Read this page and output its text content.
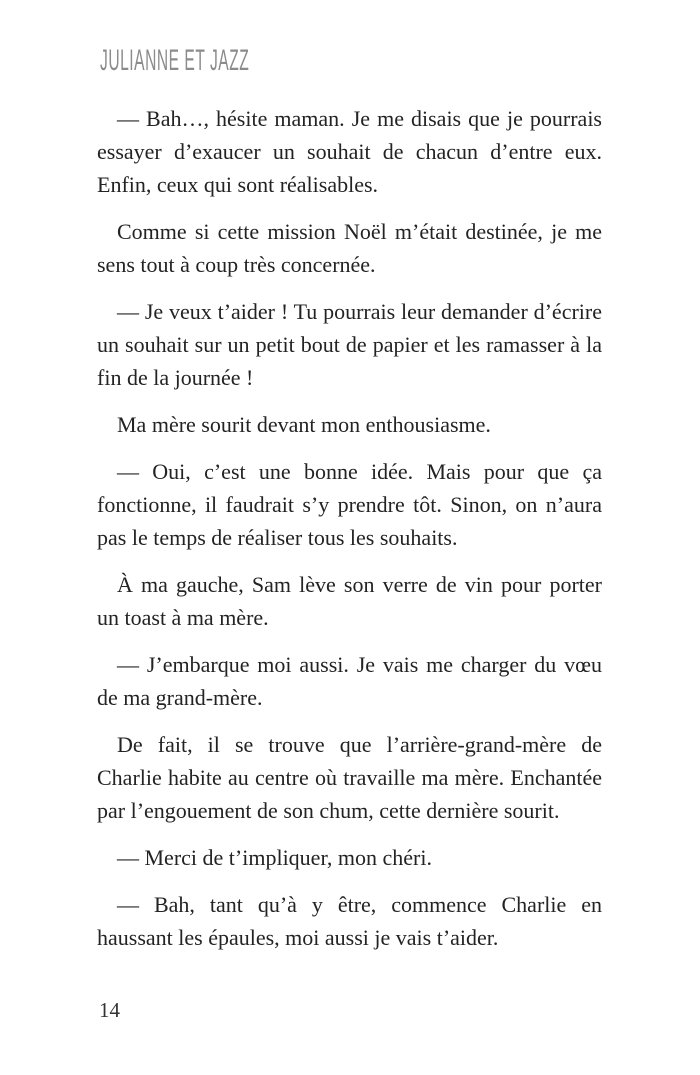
JULIANNE ET JAZZ

— Bah…, hésite maman. Je me disais que je pourrais essayer d’exaucer un souhait de chacun d’entre eux. Enfin, ceux qui sont réalisables.

Comme si cette mission Noël m’était destinée, je me sens tout à coup très concernée.

— Je veux t’aider ! Tu pourrais leur demander d’écrire un souhait sur un petit bout de papier et les ramasser à la fin de la journée !

Ma mère sourit devant mon enthousiasme.

— Oui, c’est une bonne idée. Mais pour que ça fonctionne, il faudrait s’y prendre tôt. Sinon, on n’aura pas le temps de réaliser tous les souhaits.

À ma gauche, Sam lève son verre de vin pour porter un toast à ma mère.

— J’embarque moi aussi. Je vais me charger du vœu de ma grand-mère.

De fait, il se trouve que l’arrière-grand-mère de Charlie habite au centre où travaille ma mère. Enchantée par l’engouement de son chum, cette dernière sourit.

— Merci de t’impliquer, mon chéri.

— Bah, tant qu’à y être, commence Charlie en haussant les épaules, moi aussi je vais t’aider.

14
